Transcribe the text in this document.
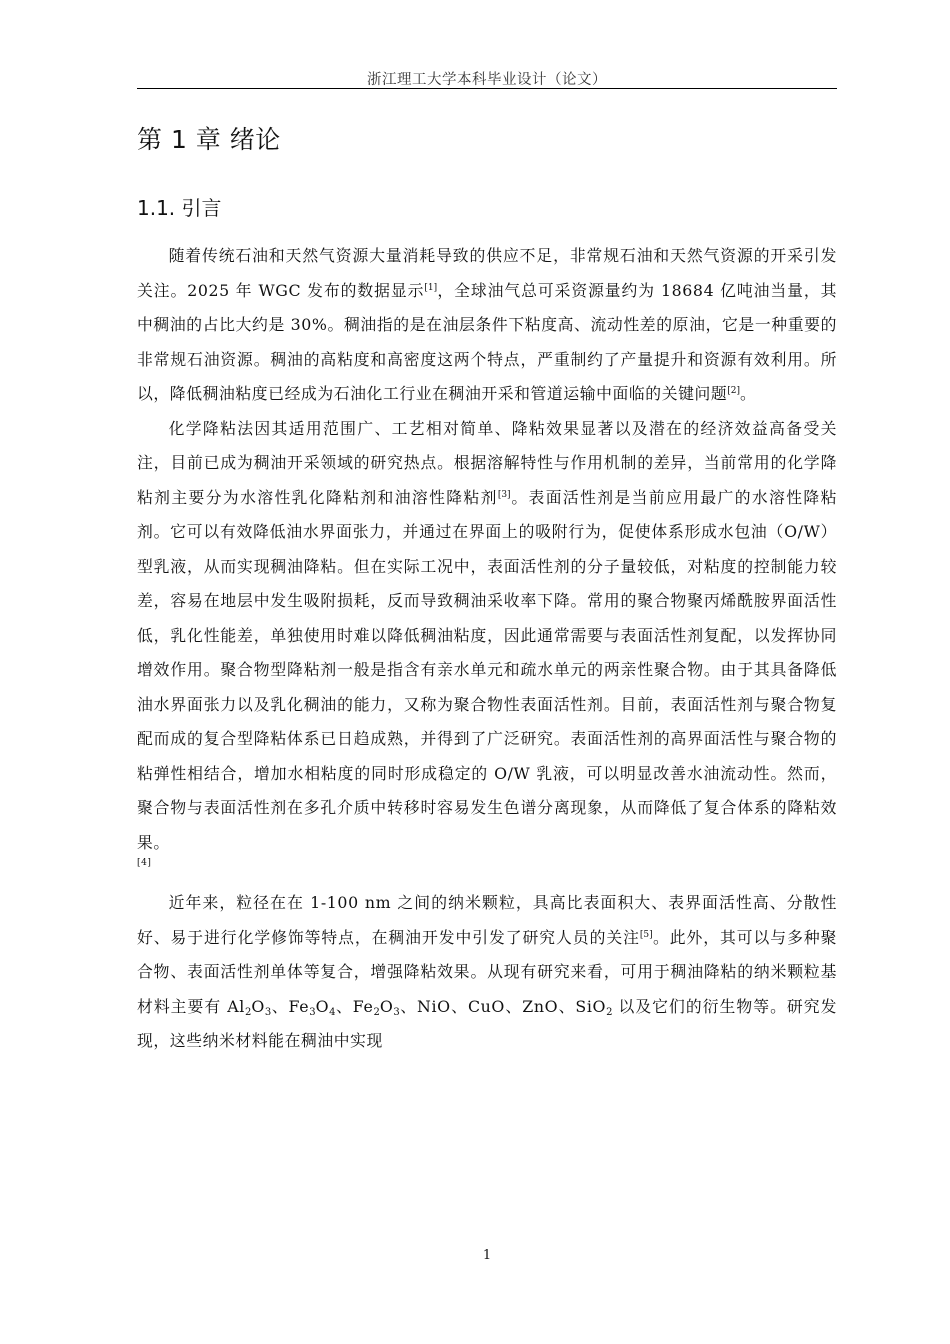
浙江理工大学本科毕业设计（论文）
第 1 章 绪论
1.1. 引言

随着传统石油和天然气资源大量消耗导致的供应不足，非常规石油和天然气资源的开采引发关注。2025 年 WGC 发布的数据显示[1]，全球油气总可采资源量约为 18684 亿吨油当量，其中稠油的占比大约是 30%。稠油指的是在油层条件下粘度高、流动性差的原油，它是一种重要的非常规石油资源。稠油的高粘度和高密度这两个特点，严重制约了产量提升和资源有效利用。所以，降低稠油粘度已经成为石油化工行业在稠油开采和管道运输中面临的关键问题[2]。

化学降粘法因其适用范围广、工艺相对简单、降粘效果显著以及潜在的经济效益高备受关注，目前已成为稠油开采领域的研究热点。根据溶解特性与作用机制的差异，当前常用的化学降粘剂主要分为水溶性乳化降粘剂和油溶性降粘剂[3]。表面活性剂是当前应用最广的水溶性降粘剂。它可以有效降低油水界面张力，并通过在界面上的吸附行为，促使体系形成水包油（O/W）型乳液，从而实现稠油降粘。但在实际工况中，表面活性剂的分子量较低，对粘度的控制能力较差，容易在地层中发生吸附损耗，反而导致稠油采收率下降。常用的聚合物聚丙烯酰胺界面活性低，乳化性能差，单独使用时难以降低稠油粘度，因此通常需要与表面活性剂复配，以发挥协同增效作用。聚合物型降粘剂一般是指含有亲水单元和疏水单元的两亲性聚合物。由于其具备降低油水界面张力以及乳化稠油的能力，又称为聚合物性表面活性剂。目前，表面活性剂与聚合物复配而成的复合型降粘体系已日趋成熟，并得到了广泛研究。表面活性剂的高界面活性与聚合物的粘弹性相结合，增加水相粘度的同时形成稳定的 O/W 乳液，可以明显改善水油流动性。然而，聚合物与表面活性剂在多孔介质中转移时容易发生色谱分离现象，从而降低了复合体系的降粘效果。
[4]

近年来，粒径在在 1-100 nm 之间的纳米颗粒，具高比表面积大、表界面活性高、分散性好、易于进行化学修饰等特点，在稠油开发中引发了研究人员的关注[5]。此外，其可以与多种聚合物、表面活性剂单体等复合，增强降粘效果。从现有研究来看，可用于稠油降粘的纳米颗粒基材料主要有 $Al_2O_3$、$Fe_3O_4$、$Fe_2O_3$、NiO、CuO、ZnO、SiO$_2$ 以及它们的衍生物等。研究发现，这些纳米材料能在稠油中实现

1
